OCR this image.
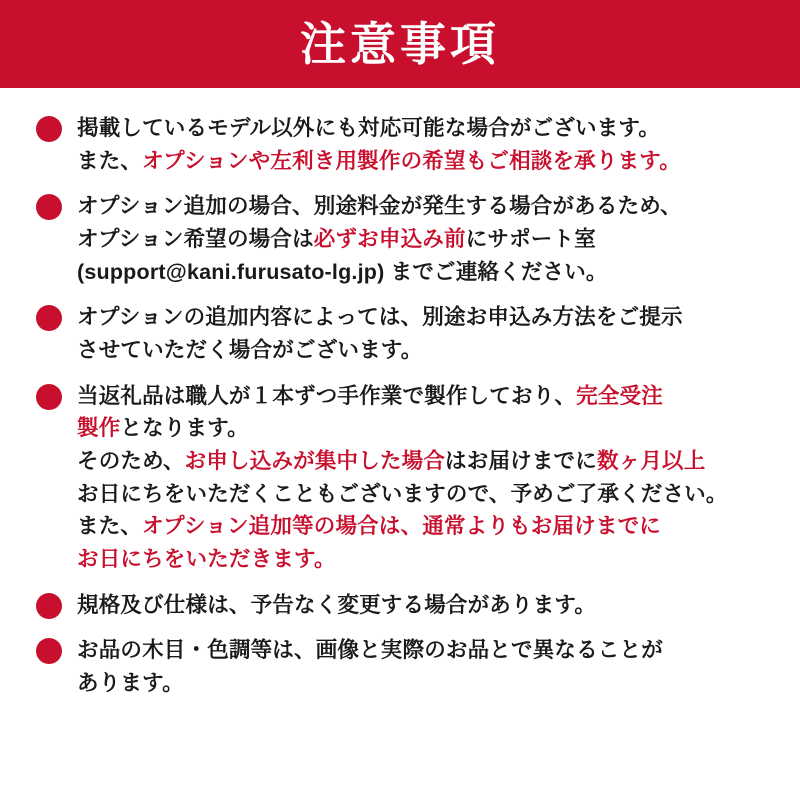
注意事項
掲載しているモデル以外にも対応可能な場合がございます。
また、オプションや左利き用製作の希望もご相談を承ります。
オプション追加の場合、別途料金が発生する場合があるため、
オプション希望の場合は必ずお申込み前にサポート室
(support@kani.furusato-lg.jp) までご連絡ください。
オプションの追加内容によっては、別途お申込み方法をご提示
させていただく場合がございます。
当返礼品は職人が１本ずつ手作業で製作しており、完全受注
製作となります。
そのため、お申し込みが集中した場合はお届けまでに数ヶ月以上
お日にちをいただくこともございますので、予めご了承ください。
また、オプション追加等の場合は、通常よりもお届けまでに
お日にちをいただきます。
規格及び仕様は、予告なく変更する場合があります。
お品の木目・色調等は、画像と実際のお品とで異なることが
あります。
